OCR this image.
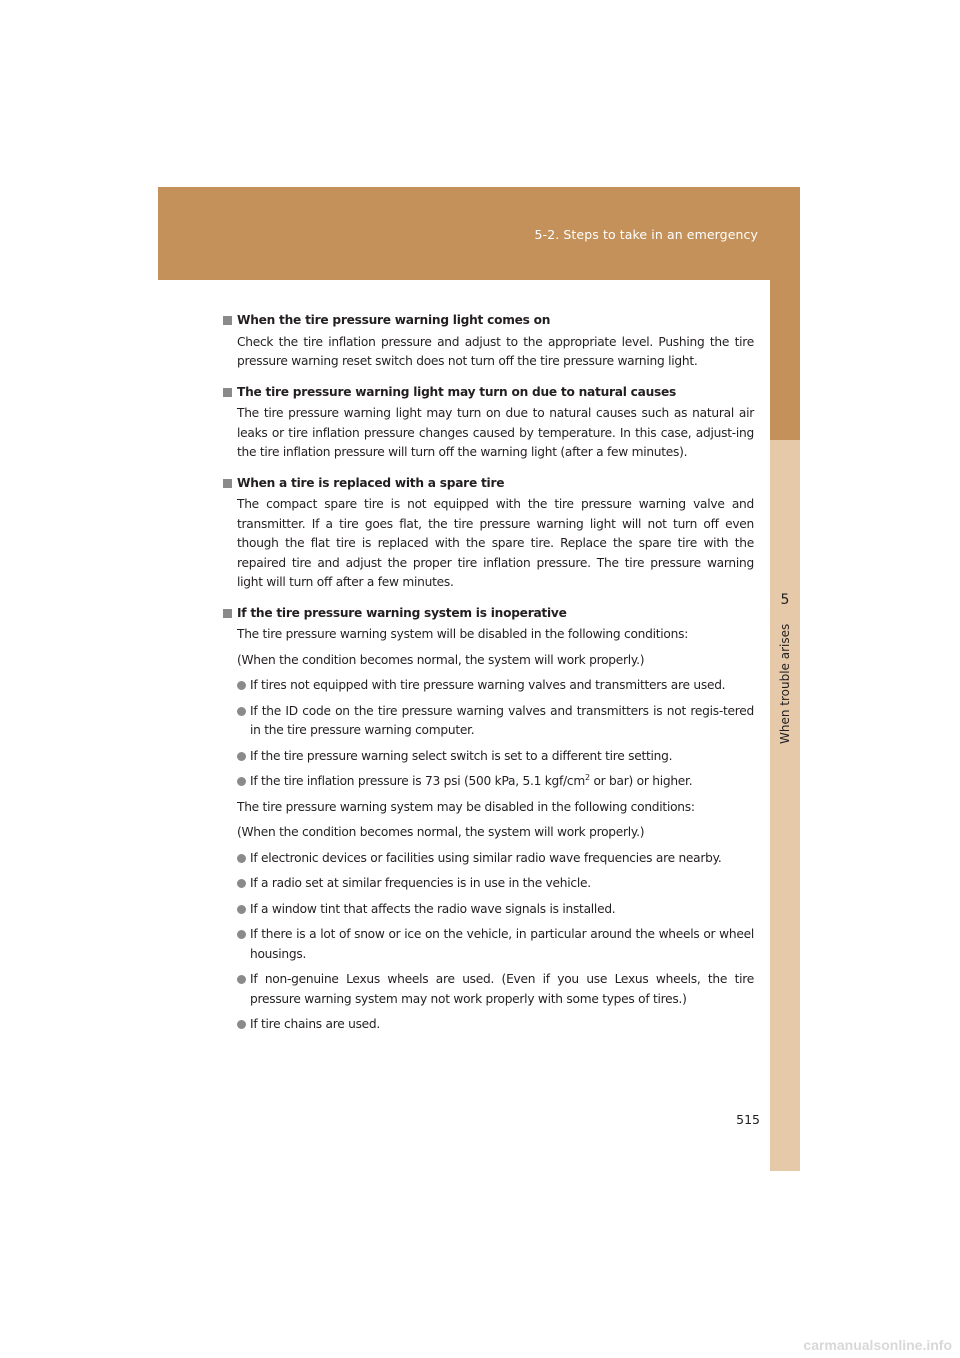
5-2. Steps to take in an emergency
5
When trouble arises
When the tire pressure warning light comes on

Check the tire inflation pressure and adjust to the appropriate level. Pushing the tire pressure warning reset switch does not turn off the tire pressure warning light.

The tire pressure warning light may turn on due to natural causes

The tire pressure warning light may turn on due to natural causes such as natural air leaks or tire inflation pressure changes caused by temperature. In this case, adjust-ing the tire inflation pressure will turn off the warning light (after a few minutes).

When a tire is replaced with a spare tire

The compact spare tire is not equipped with the tire pressure warning valve and transmitter. If a tire goes flat, the tire pressure warning light will not turn off even though the flat tire is replaced with the spare tire. Replace the spare tire with the repaired tire and adjust the proper tire inflation pressure. The tire pressure warning light will turn off after a few minutes.

If the tire pressure warning system is inoperative

The tire pressure warning system will be disabled in the following conditions:

(When the condition becomes normal, the system will work properly.)

If tires not equipped with tire pressure warning valves and transmitters are used.
If the ID code on the tire pressure warning valves and transmitters is not regis-tered in the tire pressure warning computer.
If the tire pressure warning select switch is set to a different tire setting.
If the tire inflation pressure is 73 psi (500 kPa, 5.1 kgf/$cm^2$ or bar) or higher.

The tire pressure warning system may be disabled in the following conditions:

(When the condition becomes normal, the system will work properly.)

If electronic devices or facilities using similar radio wave frequencies are nearby.
If a radio set at similar frequencies is in use in the vehicle.
If a window tint that affects the radio wave signals is installed.
If there is a lot of snow or ice on the vehicle, in particular around the wheels or wheel housings.
If non-genuine Lexus wheels are used. (Even if you use Lexus wheels, the tire pressure warning system may not work properly with some types of tires.)
If tire chains are used.
515
carmanualsonline.info
